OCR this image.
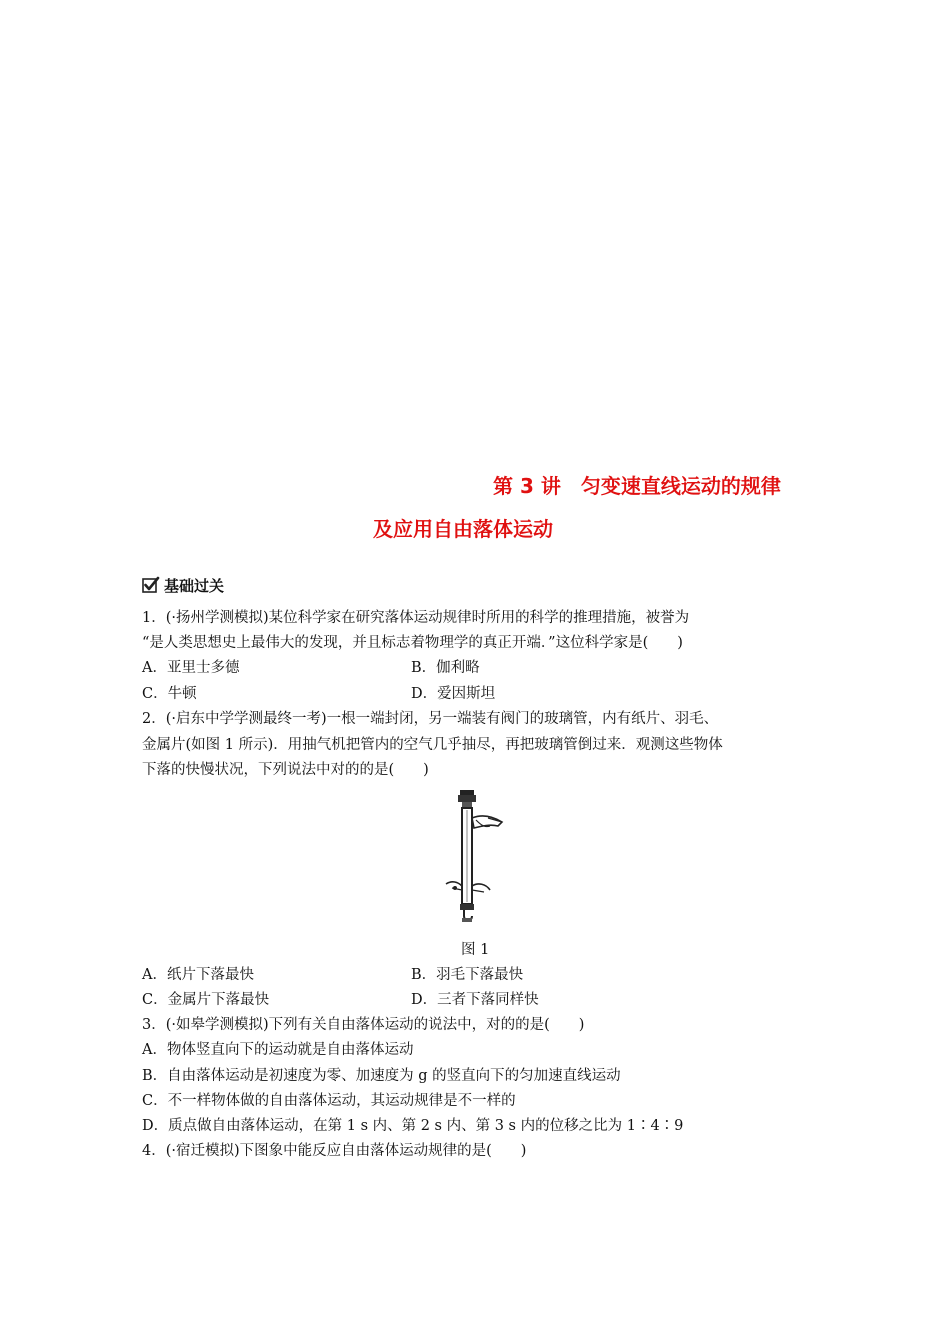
第 3 讲　匀变速直线运动的规律
及应用自由落体运动
基础过关
1．(·扬州学测模拟)某位科学家在研究落体运动规律时所用的科学的推理措施，被誉为
“是人类思想史上最伟大的发现，并且标志着物理学的真正开端．”这位科学家是(　　)
A．亚里士多德	B．伽利略
C．牛顿	D．爱因斯坦
2．(·启东中学学测最终一考)一根一端封闭，另一端装有阀门的玻璃管，内有纸片、羽毛、
金属片(如图 1 所示)．用抽气机把管内的空气几乎抽尽，再把玻璃管倒过来．观测这些物体
下落的快慢状况，下列说法中对的的是(　　)
图 1
A．纸片下落最快	B．羽毛下落最快
C．金属片下落最快	D．三者下落同样快
3．(·如皋学测模拟)下列有关自由落体运动的说法中，对的的是(　　)
A．物体竖直向下的运动就是自由落体运动
B．自由落体运动是初速度为零、加速度为 g 的竖直向下的匀加速直线运动
C．不一样物体做的自由落体运动，其运动规律是不一样的
D．质点做自由落体运动，在第 1 s 内、第 2 s 内、第 3 s 内的位移之比为 1∶4∶9
4．(·宿迁模拟)下图象中能反应自由落体运动规律的是(　　)
